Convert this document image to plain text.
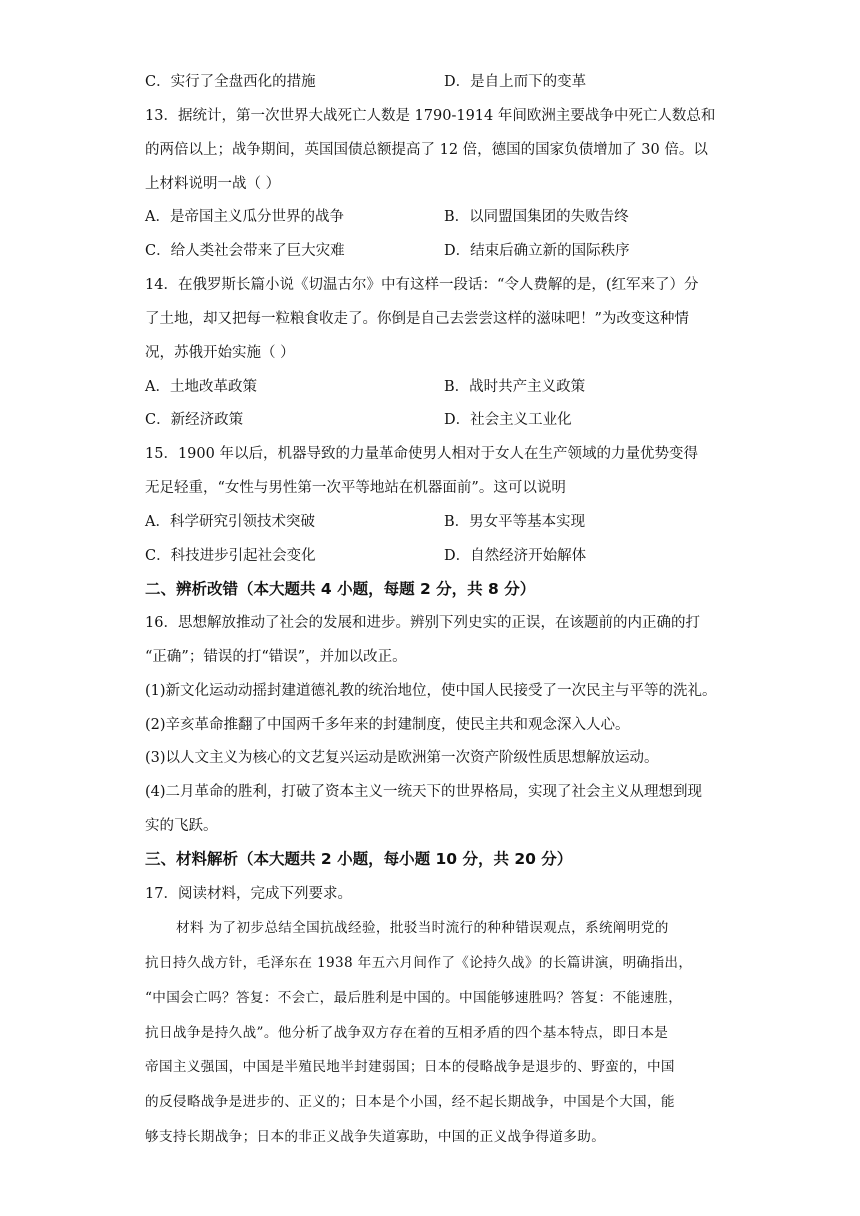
C．实行了全盘西化的措施	D．是自上而下的变革
13．据统计，第一次世界大战死亡人数是 1790-1914 年间欧洲主要战争中死亡人数总和
的两倍以上；战争期间，英国国债总额提高了 12 倍，德国的国家负债增加了 30 倍。以
上材料说明一战（ ）
A．是帝国主义瓜分世界的战争	B．以同盟国集团的失败告终
C．给人类社会带来了巨大灾难	D．结束后确立新的国际秩序
14．在俄罗斯长篇小说《切温古尔》中有这样一段话：“令人费解的是，(红军来了）分
了土地，却又把每一粒粮食收走了。你倒是自己去尝尝这样的滋味吧！”为改变这种情
况，苏俄开始实施（ ）
A．土地改革政策	B．战时共产主义政策
C．新经济政策	D．社会主义工业化
15．1900 年以后，机器导致的力量革命使男人相对于女人在生产领域的力量优势变得
无足轻重，“女性与男性第一次平等地站在机器面前”。这可以说明
A．科学研究引领技术突破	B．男女平等基本实现
C．科技进步引起社会变化	D．自然经济开始解体
二、辨析改错（本大题共 4 小题，每题 2 分，共 8 分）
16．思想解放推动了社会的发展和进步。辨别下列史实的正误，在该题前的内正确的打
“正确”；错误的打“错误”，并加以改正。
(1)新文化运动动摇封建道德礼教的统治地位，使中国人民接受了一次民主与平等的洗礼。
(2)辛亥革命推翻了中国两千多年来的封建制度，使民主共和观念深入人心。
(3)以人文主义为核心的文艺复兴运动是欧洲第一次资产阶级性质思想解放运动。
(4)二月革命的胜利，打破了资本主义一统天下的世界格局，实现了社会主义从理想到现
实的飞跃。
三、材料解析（本大题共 2 小题，每小题 10 分，共 20 分）
17．阅读材料，完成下列要求。
材料 为了初步总结全国抗战经验，批驳当时流行的种种错误观点，系统阐明党的
抗日持久战方针，毛泽东在 1938 年五六月间作了《论持久战》的长篇讲演，明确指出，
“中国会亡吗？答复：不会亡，最后胜利是中国的。中国能够速胜吗？答复：不能速胜，
抗日战争是持久战”。他分析了战争双方存在着的互相矛盾的四个基本特点，即日本是
帝国主义强国，中国是半殖民地半封建弱国；日本的侵略战争是退步的、野蛮的，中国
的反侵略战争是进步的、正义的；日本是个小国，经不起长期战争，中国是个大国，能
够支持长期战争；日本的非正义战争失道寡助，中国的正义战争得道多助。
